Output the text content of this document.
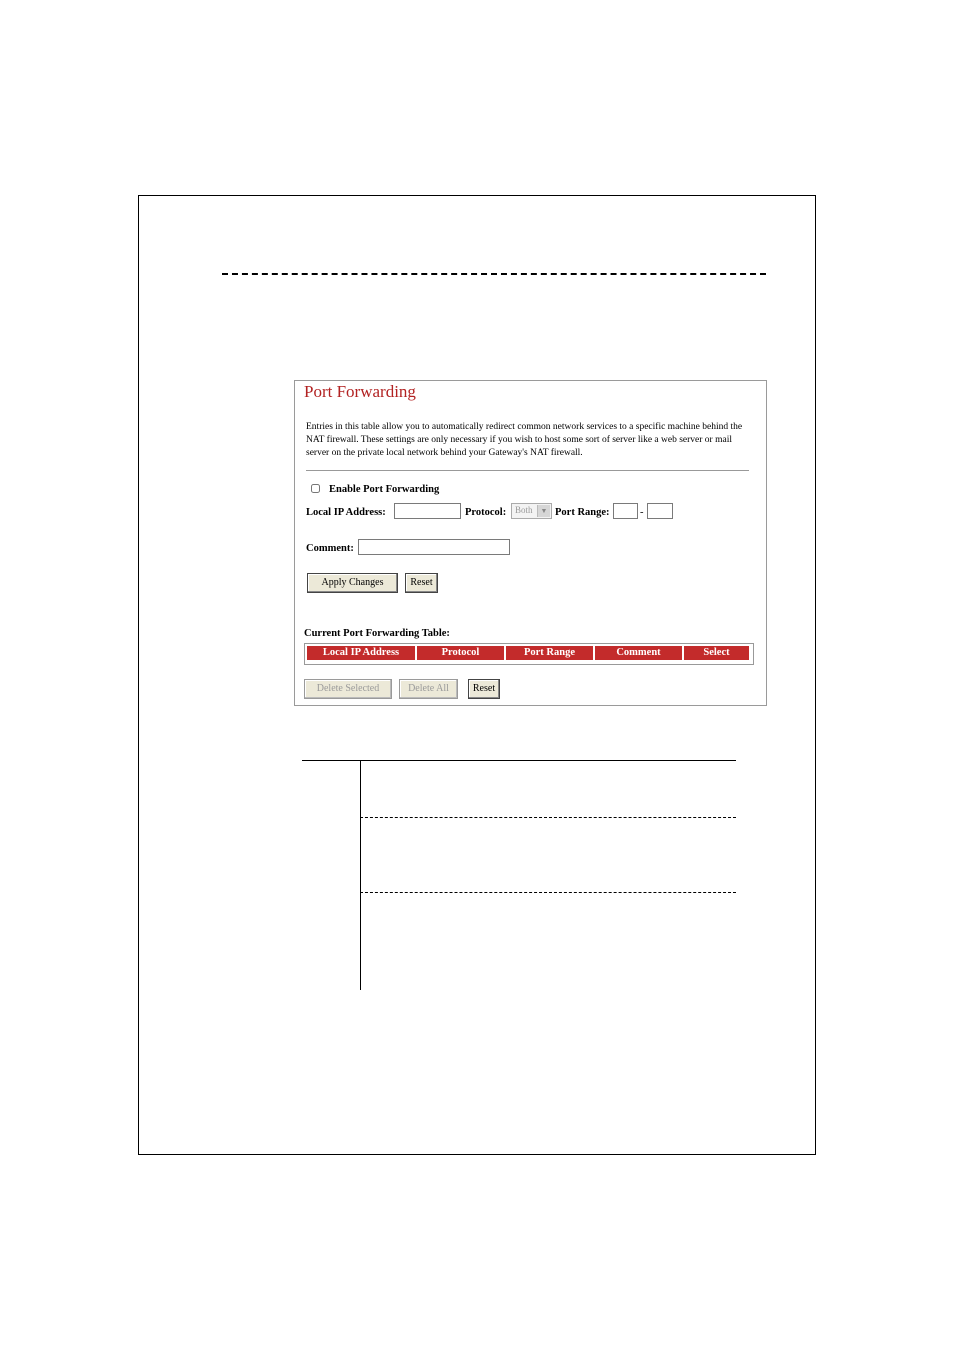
Port Forwarding
Entries in this table allow you to automatically redirect common network services to a specific machine behind the NAT firewall. These settings are only necessary if you wish to host some sort of server like a web server or mail server on the private local network behind your Gateway's NAT firewall.
Enable Port Forwarding
Local IP Address:	Protocol: Both	▼ Port Range:	-
Comment:
Apply Changes	Reset
Current Port Forwarding Table:
Local IP Address	Protocol	Port Range	Comment	Select
Delete Selected	Delete All	Reset
